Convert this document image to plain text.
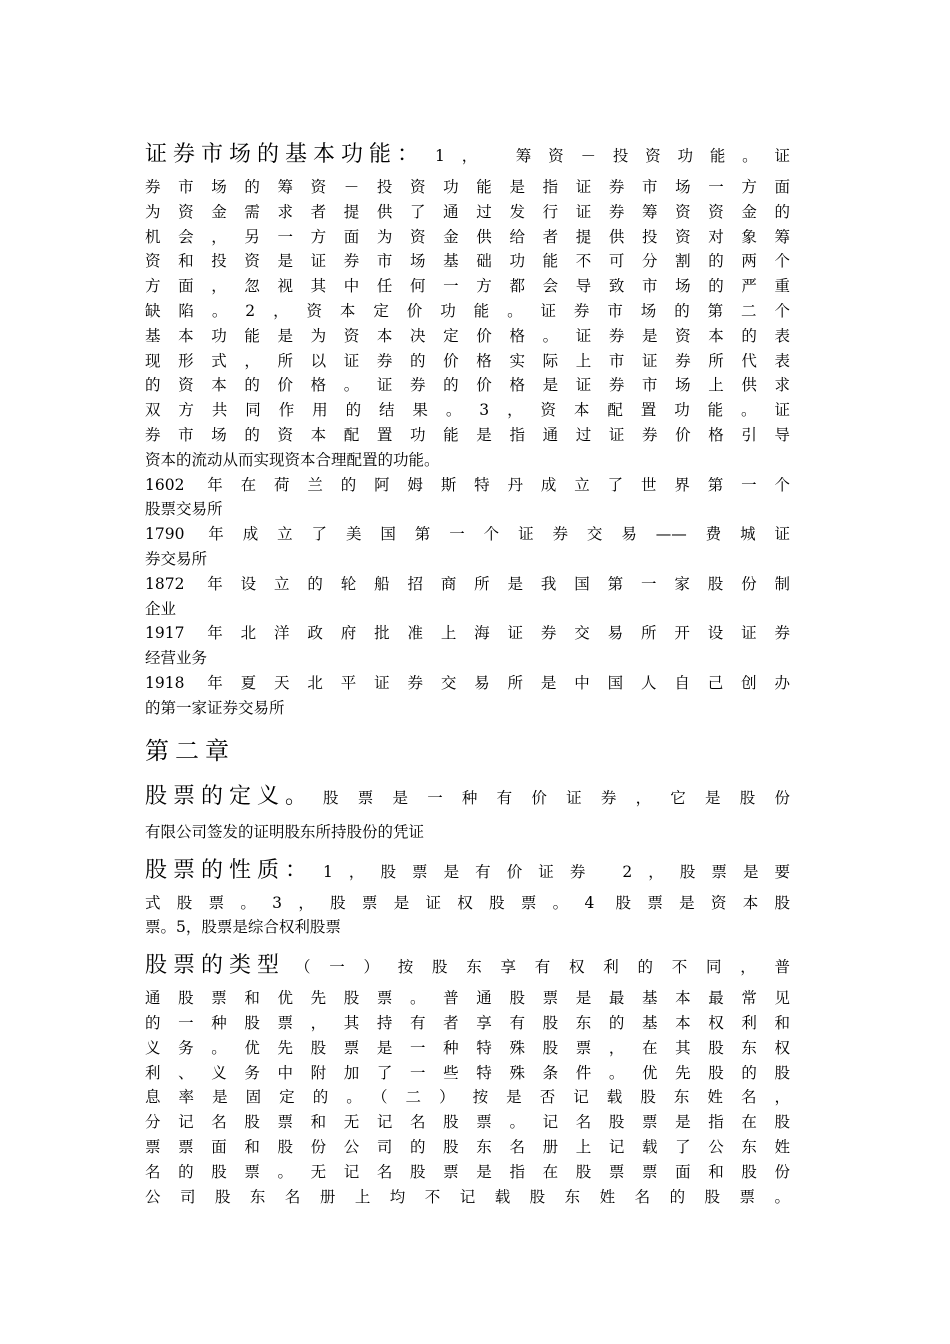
证券市场的基本功能： 1， 筹资－投资功能。证
券市场的筹资－投资功能是指证券市场一方面
为资金需求者提供了通过发行证券筹资资金的
机会，另一方面为资金供给者提供投资对象筹
资和投资是证券市场基础功能不可分割的两个
方面，忽视其中任何一方都会导致市场的严重
缺陷。2，资本定价功能。证券市场的第二个
基本功能是为资本决定价格。证券是资本的表
现形式，所以证券的价格实际上市证券所代表
的资本的价格。证券的价格是证券市场上供求
双方共同作用的结果。3，资本配置功能。证
券市场的资本配置功能是指通过证券价格引导
资本的流动从而实现资本合理配置的功能。
1602 年在荷兰的阿姆斯特丹成立了世界第一个
股票交易所
1790 年成立了美国第一个证券交易——费城证
券交易所
1872 年设立的轮船招商所是我国第一家股份制
企业
1917 年北洋政府批准上海证券交易所开设证券
经营业务
1918 年夏天北平证券交易所是中国人自己创办
的第一家证券交易所
第二章
股票的定义。 股票是一种有价证券，它是股份
有限公司签发的证明股东所持股份的凭证
股票的性质： 1，股票是有价证券 2，股票是要
式股票。3，股票是证权股票。4 股票是资本股
票。5，股票是综合权利股票
股票的类型 （一）按股东享有权利的不同，普
通股票和优先股票。普通股票是最基本最常见
的一种股票，其持有者享有股东的基本权利和
义务。优先股票是一种特殊股票，在其股东权
利、义务中附加了一些特殊条件。优先股的股
息率是固定的。（二）按是否记载股东姓名，
分记名股票和无记名股票。记名股票是指在股
票票面和股份公司的股东名册上记载了公东姓
名的股票。无记名股票是指在股票票面和股份
公司股东名册上均不记载股东姓名的股票。
